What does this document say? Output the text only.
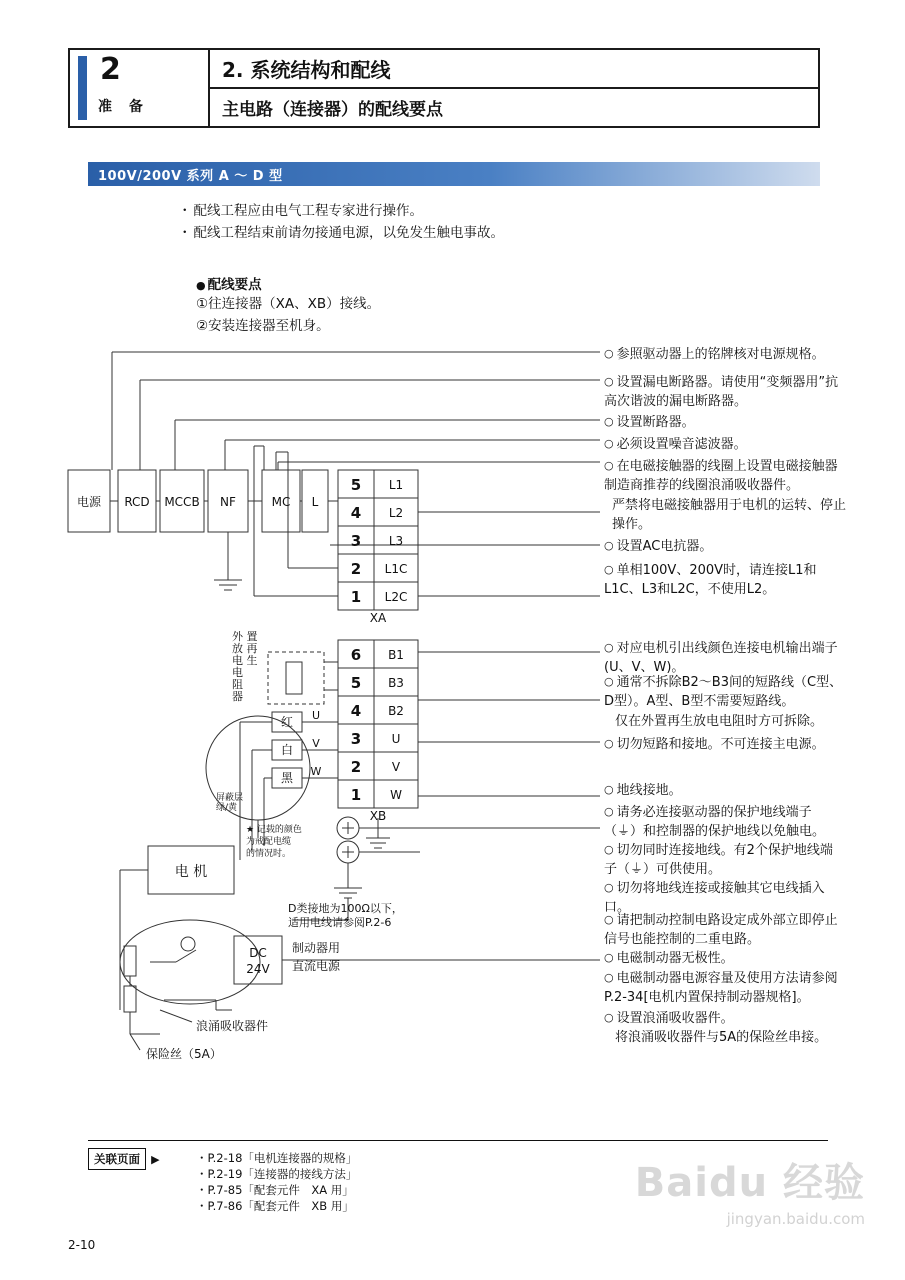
2
准 备
2. 系统结构和配线
主电路（连接器）的配线要点
100V/200V 系列 A ～ D 型
・ 配线工程应由电气工程专家进行操作。
・ 配线工程结束前请勿接通电源，以免发生触电事故。
● 配线要点
①往连接器（XA、XB）接线。
②安装连接器至机身。
电源 RCD MCCB NF	MC L
5 L1
4 L2
3 L3
2 L1C
1 L2C
XA
6 B1
5 B3
4 B2
3	U
2	V
1 W
XB
红
白
黑
U
V
W
电 机
DC
24V
外 置
放 再
电 生
电
阻
器
屏蔽层
绿/黄
★ 记载的颜色
为戒配电缆
的情况时。
D类接地为100Ω以下，
适用电线请参阅P.2-6
制动器用
直流电源
浪涌吸收器件
保险丝（5A）
○ 参照驱动器上的铭牌核对电源规格。
○ 设置漏电断路器。请使用“变频器用”抗高次谐波的漏电断路器。
○ 设置断路器。
○ 必须设置噪音滤波器。
○ 在电磁接触器的线圈上设置电磁接触器制造商推荐的线圈浪涌吸收器件。
严禁将电磁接触器用于电机的运转、停止操作。
○ 设置AC电抗器。
○ 单相100V、200V时，请连接L1和L1C、L3和L2C，不使用L2。
○ 对应电机引出线颜色连接电机输出端子(U、V、W)。
○ 通常不拆除B2～B3间的短路线（C型、D型）。A型、B型不需要短路线。
仅在外置再生放电电阻时方可拆除。
○ 切勿短路和接地。不可连接主电源。
○ 地线接地。
○ 请务必连接驱动器的保护地线端子（⏚）和控制器的保护地线以免触电。
○ 切勿同时连接地线。有2个保护地线端子（⏚）可供使用。
○ 切勿将地线连接或接触其它电线插入口。
○ 请把制动控制电路设定成外部立即停止信号也能控制的二重电路。
○ 电磁制动器无极性。
○ 电磁制动器电源容量及使用方法请参阅P.2-34[电机内置保持制动器规格]。
○ 设置浪涌吸收器件。
将浪涌吸收器件与5A的保险丝串接。
关联页面 ▶	・ P.2-18「电机连接器的规格」
・ P.2-19「连接器的接线方法」
・ P.7-85「配套元件　XA 用」
・ P.7-86「配套元件　XB 用」
2-10
Baidu 经验
jingyan.baidu.com
